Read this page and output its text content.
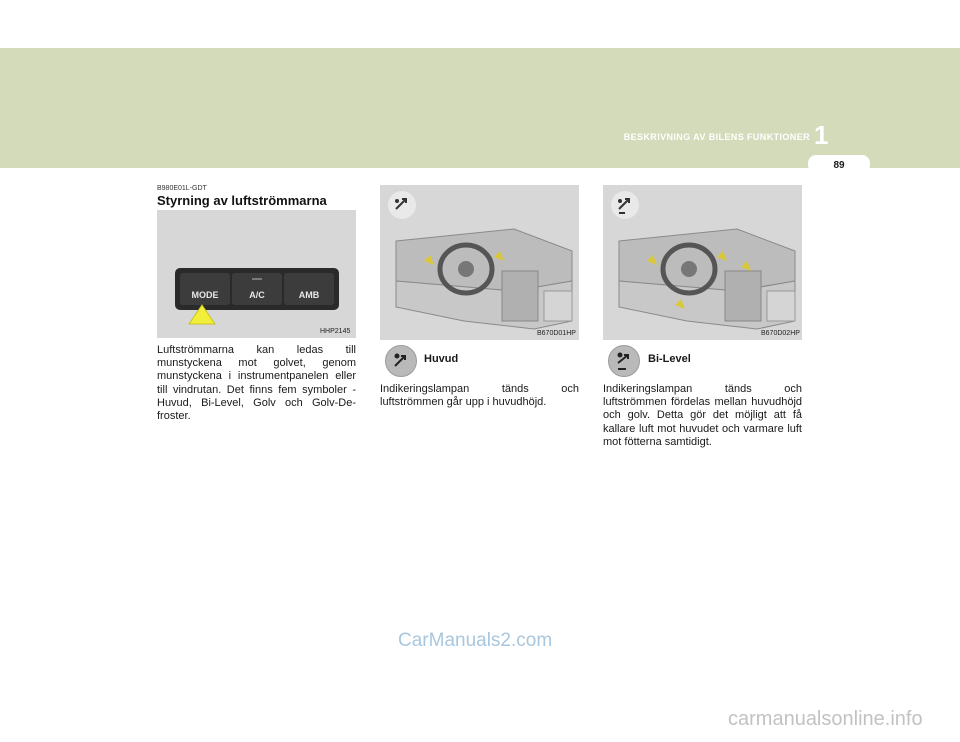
BESKRIVNING AV BILENS FUNKTIONER 1
89
B980E01L-GDT
Styrning av luftströmmarna
MODE	A/C	AMB
HHP2145
Luftströmmarna kan ledas till munstyckena mot golvet, genom munstyckena i instrumentpanelen eller till vindrutan. Det finns fem symboler - Huvud, Bi-Level, Golv och Golv-De-froster.
B670D01HP
Huvud
Indikeringslampan tänds och luftströmmen går upp i huvudhöjd.
B670D02HP
Bi-Level
Indikeringslampan tänds och luftströmmen fördelas mellan huvudhöjd och golv. Detta gör det möjligt att få kallare luft mot huvudet och varmare luft mot fötterna samtidigt.
CarManuals2.com
carmanualsonline.info
